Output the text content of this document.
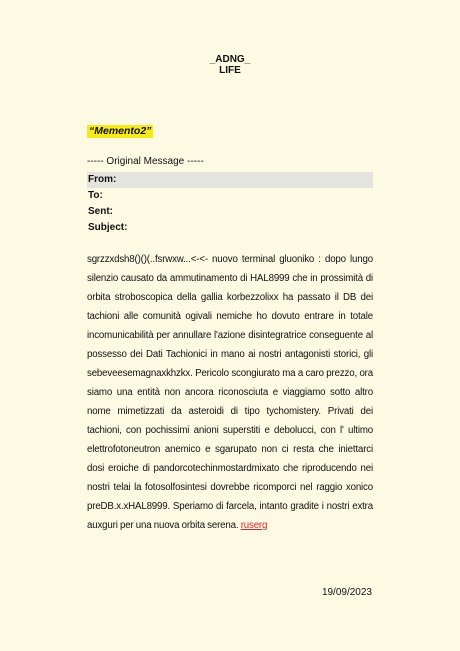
_ADNG_
LIFE
“Memento2”
----- Original Message -----
From:
To:
Sent:
Subject:
sgrzzxdsh8()()(..fsrwxw...<-<- nuovo terminal gluoniko : dopo lungo silenzio causato da ammutinamento di HAL8999 che in prossimità di orbita stroboscopica della gallia korbezzolixx ha passato il DB dei tachioni alle comunità ogivali nemiche ho dovuto entrare in totale incomunicabilità per annullare l'azione disintegratrice conseguente al possesso dei Dati Tachionici in mano ai nostri antagonisti storici, gli sebeveesemagnaxkhzkx. Pericolo scongiurato ma a caro prezzo, ora siamo una entità non ancora riconosciuta e viaggiamo sotto altro nome mimetizzati da asteroidi di tipo tychomistery. Privati dei tachioni, con pochissimi anioni superstiti e debolucci, con l' ultimo elettrofotoneutron anemico e sgarupato non ci resta che iniettarci dosi eroiche di pandorcotechinmostardmixato che riproducendo nei nostri telai la fotosolfosintesi dovrebbe ricomporci nel raggio xonico preDB.x.xHAL8999. Speriamo di farcela, intanto gradite i nostri extra auxguri per una nuova orbita serena. ruserg
19/09/2023
